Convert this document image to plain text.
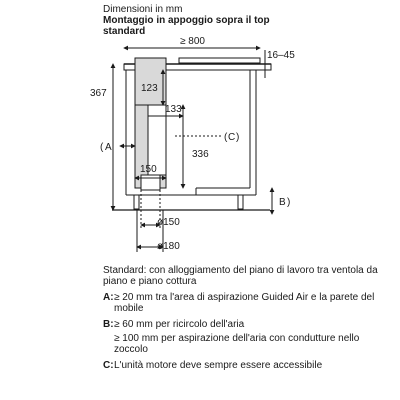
Dimensioni in mm
Montaggio in appoggio sopra il top
standard
≥ 800
16–45
367	123
133
336
150
ø150
ø180
( A
C
( )
B )

Standard: con alloggiamento del piano di lavoro tra ventola da piano e piano cottura

A: ≥ 20 mm tra l'area di aspirazione Guided Air e la parete del mobile
B: ≥ 60 mm per ricircolo dell'aria
≥ 100 mm per aspirazione dell'aria con condutture nello zoccolo
C: L'unità motore deve sempre essere accessibile
